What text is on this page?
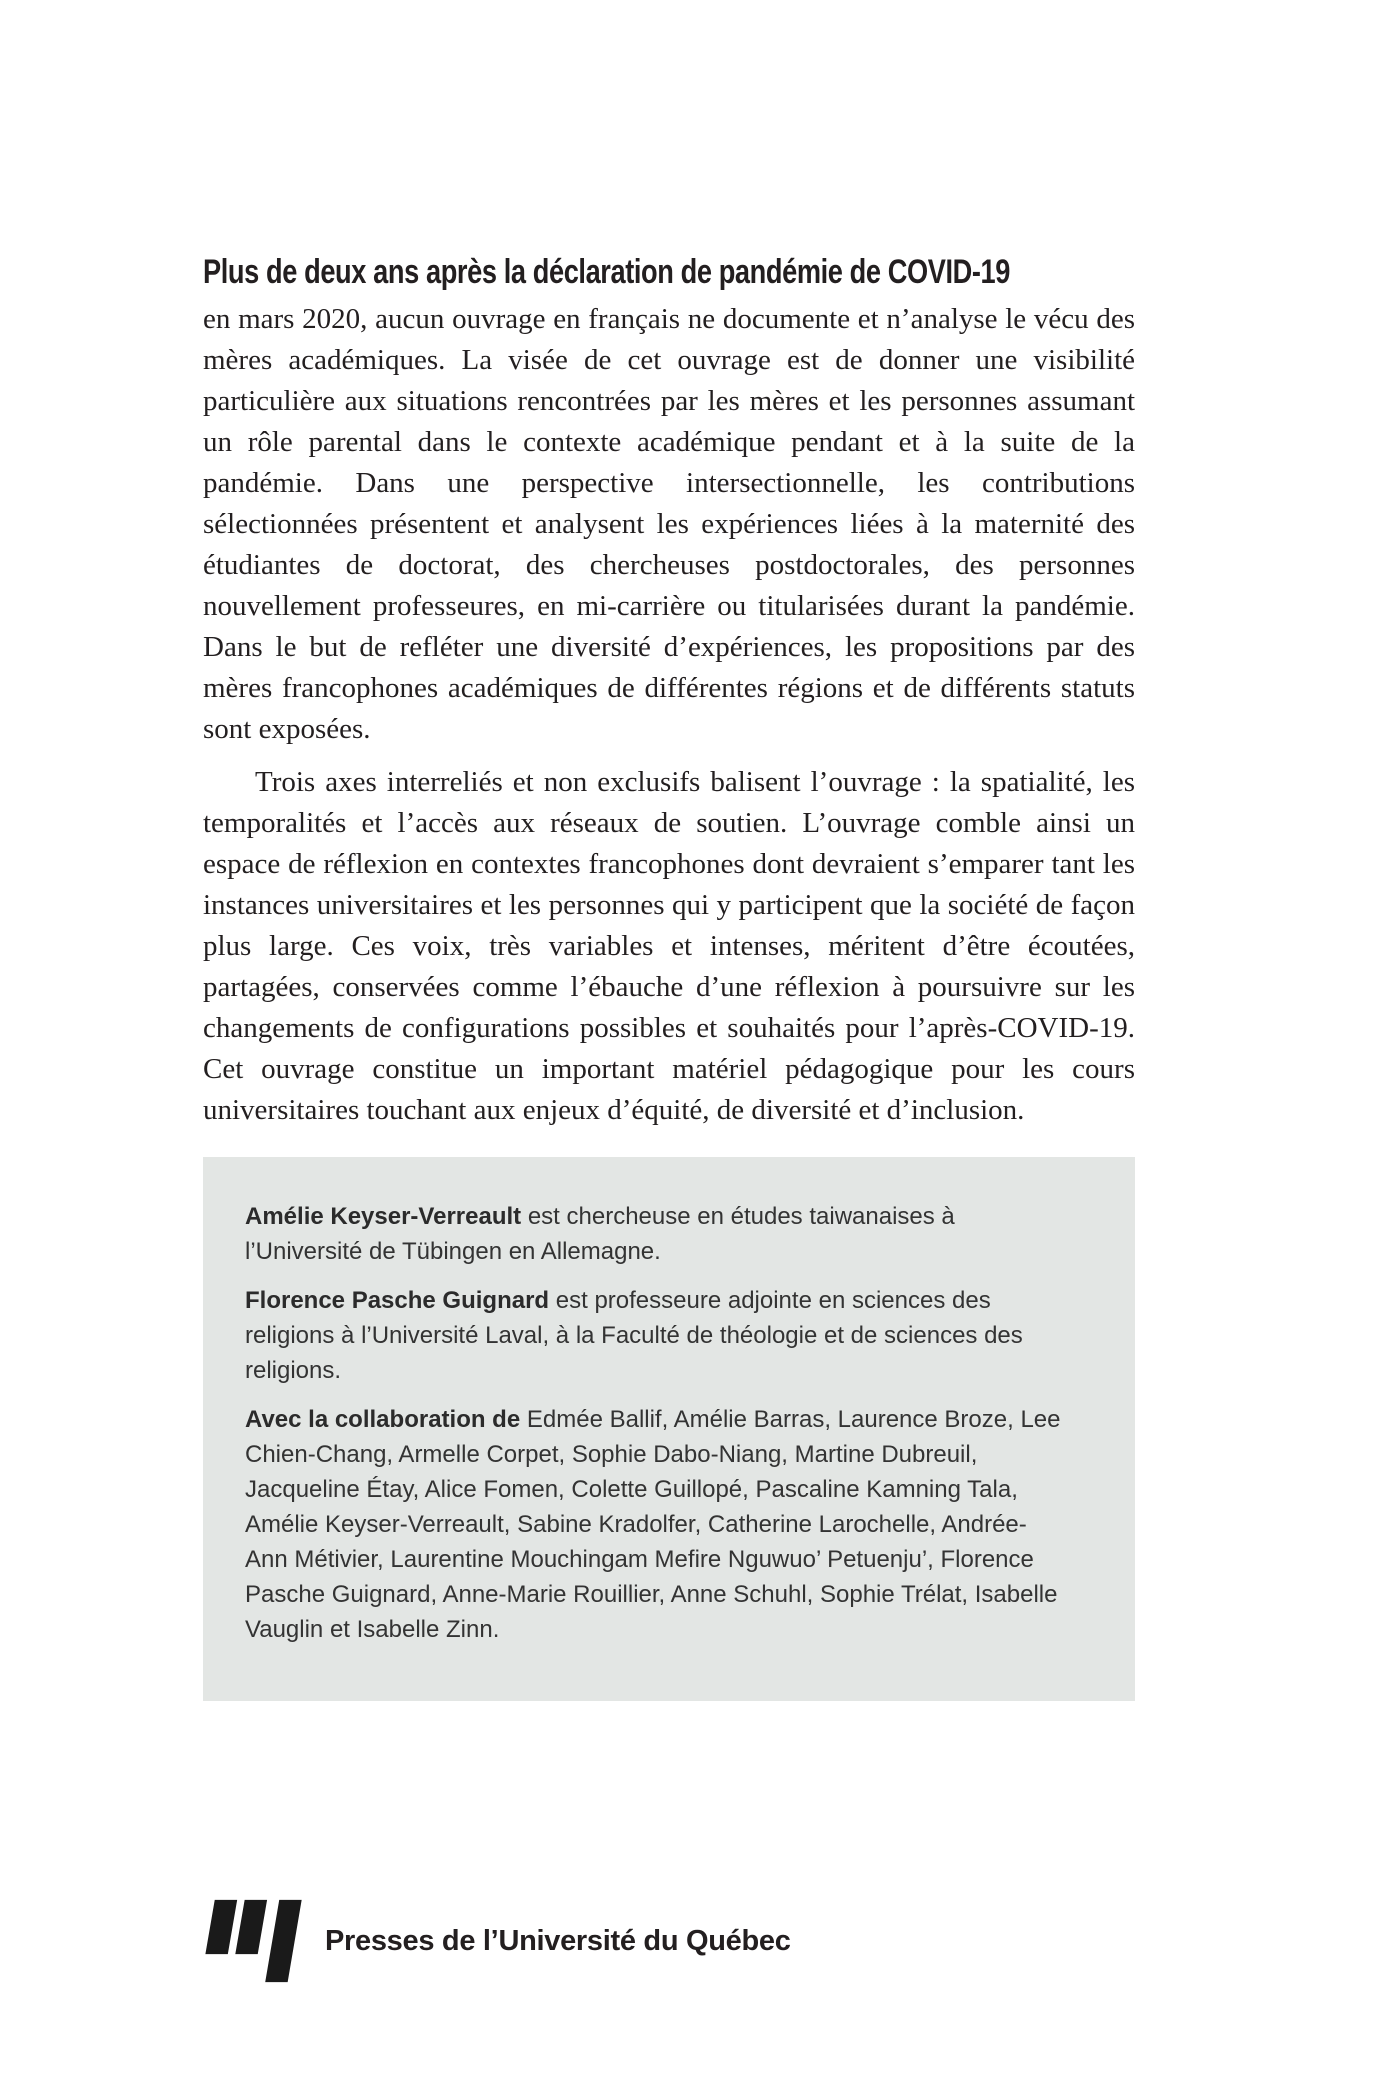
Plus de deux ans après la déclaration de pandémie de COVID-19

en mars 2020, aucun ouvrage en français ne documente et n’analyse le vécu des mères académiques. La visée de cet ouvrage est de donner une visibilité particulière aux situations rencontrées par les mères et les personnes assumant un rôle parental dans le contexte académique pendant et à la suite de la pandémie. Dans une perspective intersectionnelle, les contributions sélectionnées présentent et analysent les expériences liées à la maternité des étudiantes de doctorat, des chercheuses postdoctorales, des personnes nouvellement professeures, en mi-carrière ou titularisées durant la pandémie. Dans le but de refléter une diversité d’expériences, les propositions par des mères francophones académiques de différentes régions et de différents statuts sont exposées.

Trois axes interreliés et non exclusifs balisent l’ouvrage : la spatialité, les temporalités et l’accès aux réseaux de soutien. L’ouvrage comble ainsi un espace de réflexion en contextes francophones dont devraient s’emparer tant les instances universitaires et les personnes qui y participent que la société de façon plus large. Ces voix, très variables et intenses, méritent d’être écoutées, partagées, conservées comme l’ébauche d’une réflexion à poursuivre sur les changements de configurations possibles et souhaités pour l’après-COVID-19. Cet ouvrage constitue un important matériel pédagogique pour les cours universitaires touchant aux enjeux d’équité, de diversité et d’inclusion.

Amélie Keyser-Verreault est chercheuse en études taiwanaises à l’Université de Tübingen en Allemagne.

Florence Pasche Guignard est professeure adjointe en sciences des religions à l’Université Laval, à la Faculté de théologie et de sciences des religions.

Avec la collaboration de Edmée Ballif, Amélie Barras, Laurence Broze, Lee Chien-Chang, Armelle Corpet, Sophie Dabo-Niang, Martine Dubreuil, Jacqueline Étay, Alice Fomen, Colette Guillopé, Pascaline Kamning Tala, Amélie Keyser-Verreault, Sabine Kradolfer, Catherine Larochelle, Andrée-Ann Métivier, Laurentine Mouchingam Mefire Nguwuo’ Petuenju’, Florence Pasche Guignard, Anne-Marie Rouillier, Anne Schuhl, Sophie Trélat, Isabelle Vauglin et Isabelle Zinn.

Presses de l’Université du Québec
